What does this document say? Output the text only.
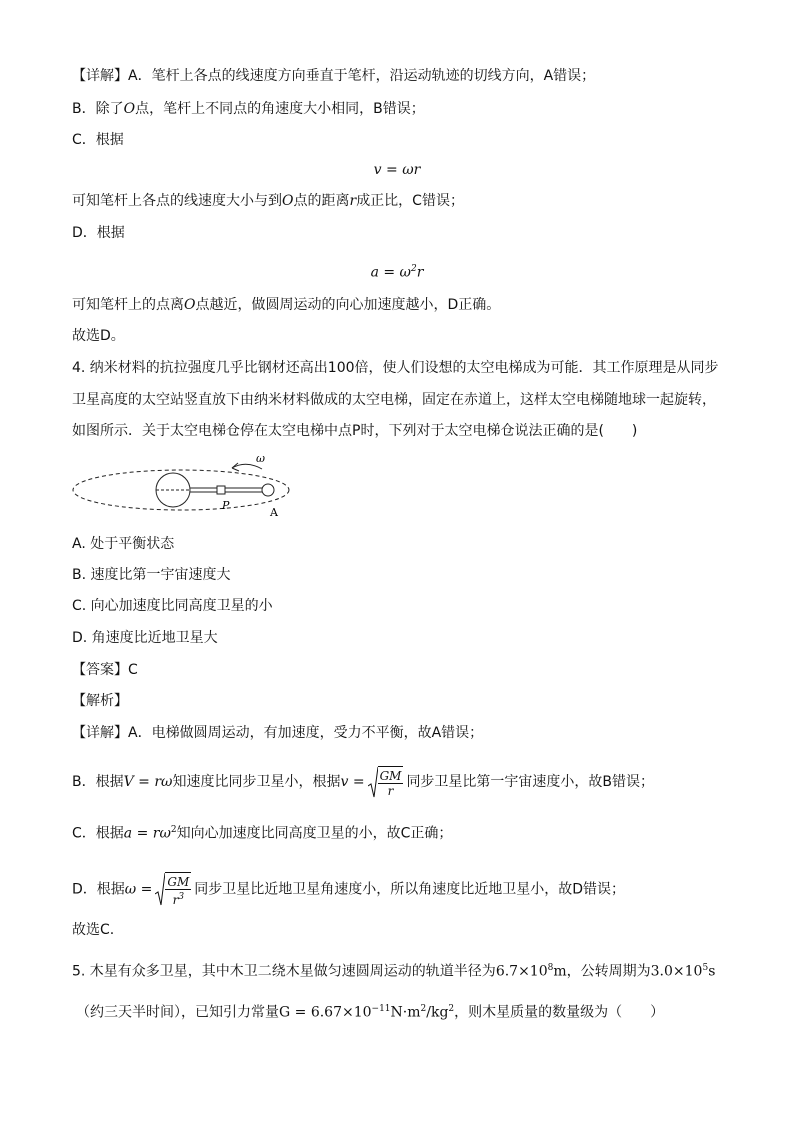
【详解】A．笔杆上各点的线速度方向垂直于笔杆，沿运动轨迹的切线方向，A错误；
B．除了O点，笔杆上不同点的角速度大小相同，B错误；
C．根据
v = ωr
可知笔杆上各点的线速度大小与到O点的距离r成正比，C错误；
D．根据
$a = \omega^2r$
可知笔杆上的点离O点越近，做圆周运动的向心加速度越小，D正确。
故选D。
4. 纳米材料的抗拉强度几乎比钢材还高出100倍，使人们设想的太空电梯成为可能．其工作原理是从同步
卫星高度的太空站竖直放下由纳米材料做成的太空电梯，固定在赤道上，这样太空电梯随地球一起旋转，
如图所示．关于太空电梯仓停在太空电梯中点P时，下列对于太空电梯仓说法正确的是(　　)
ω
P
A
A. 处于平衡状态
B. 速度比第一宇宙速度大
C. 向心加速度比同高度卫星的小
D. 角速度比近地卫星大
【答案】C
【解析】
【详解】A．电梯做圆周运动，有加速度，受力不平衡，故A错误；
B．根据V = rω知速度比同步卫星小，根据$v = \frac{GM}{r}$ 同步卫星比第一宇宙速度小，故B错误；
C．根据$a = r\omega^2$知向心加速度比同高度卫星的小，故C正确；
D．根据$\omega = \frac{GM}{r^3}$ 同步卫星比近地卫星角速度小，所以角速度比近地卫星小，故D错误；
故选C.
5. 木星有众多卫星，其中木卫二绕木星做匀速圆周运动的轨道半径为$6.7\times 10^8m$，公转周期为$3.0\times 10^5s$
（约三天半时间），已知引力常量$G = 6.67\times 10^{-11}N\cdot m^2/kg^2$，则木星质量的数量级为（　　）
